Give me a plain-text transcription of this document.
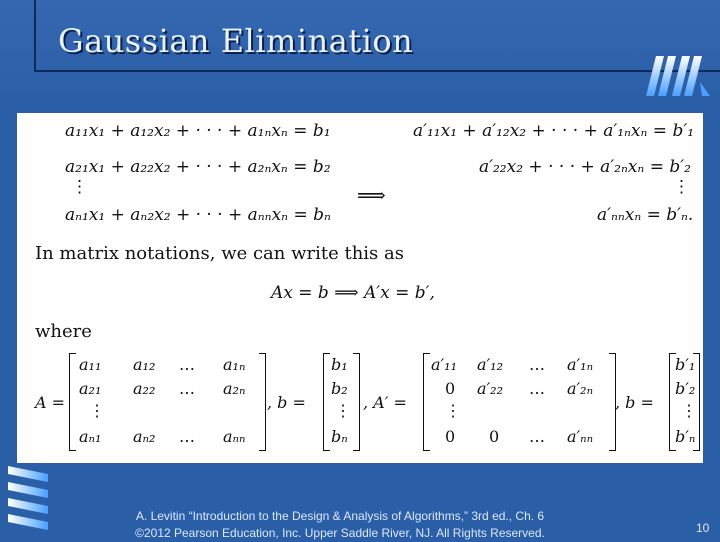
Gaussian Elimination
a₁₁x₁ + a₁₂x₂ + · · · + a₁ₙxₙ = b₁
a₂₁x₁ + a₂₂x₂ + · · · + a₂ₙxₙ = b₂
⋮
aₙ₁x₁ + aₙ₂x₂ + · · · + aₙₙxₙ = bₙ
⟹
a′₁₁x₁ + a′₁₂x₂ + · · · + a′₁ₙxₙ = b′₁
a′₂₂x₂ + · · · + a′₂ₙxₙ = b′₂
⋮
a′ₙₙxₙ = b′ₙ.
In matrix notations, we can write this as
Ax = b ⟹ A′x = b′,
where
A =
a₁₁ a₁₂ … a₁ₙ
a₂₁ a₂₂ … a₂ₙ
⋮
aₙ₁ aₙ₂ … aₙₙ
, b =
b₁
b₂
⋮
bₙ
, A′ =
a′₁₁ a′₁₂ … a′₁ₙ
0 a′₂₂ … a′₂ₙ
⋮
0 0 … a′ₙₙ
, b =
b′₁
b′₂
⋮
b′ₙ
A. Levitin “Introduction to the Design & Analysis of Algorithms,” 3rd ed., Ch. 6
©2012 Pearson Education, Inc. Upper Saddle River, NJ. All Rights Reserved.	10
